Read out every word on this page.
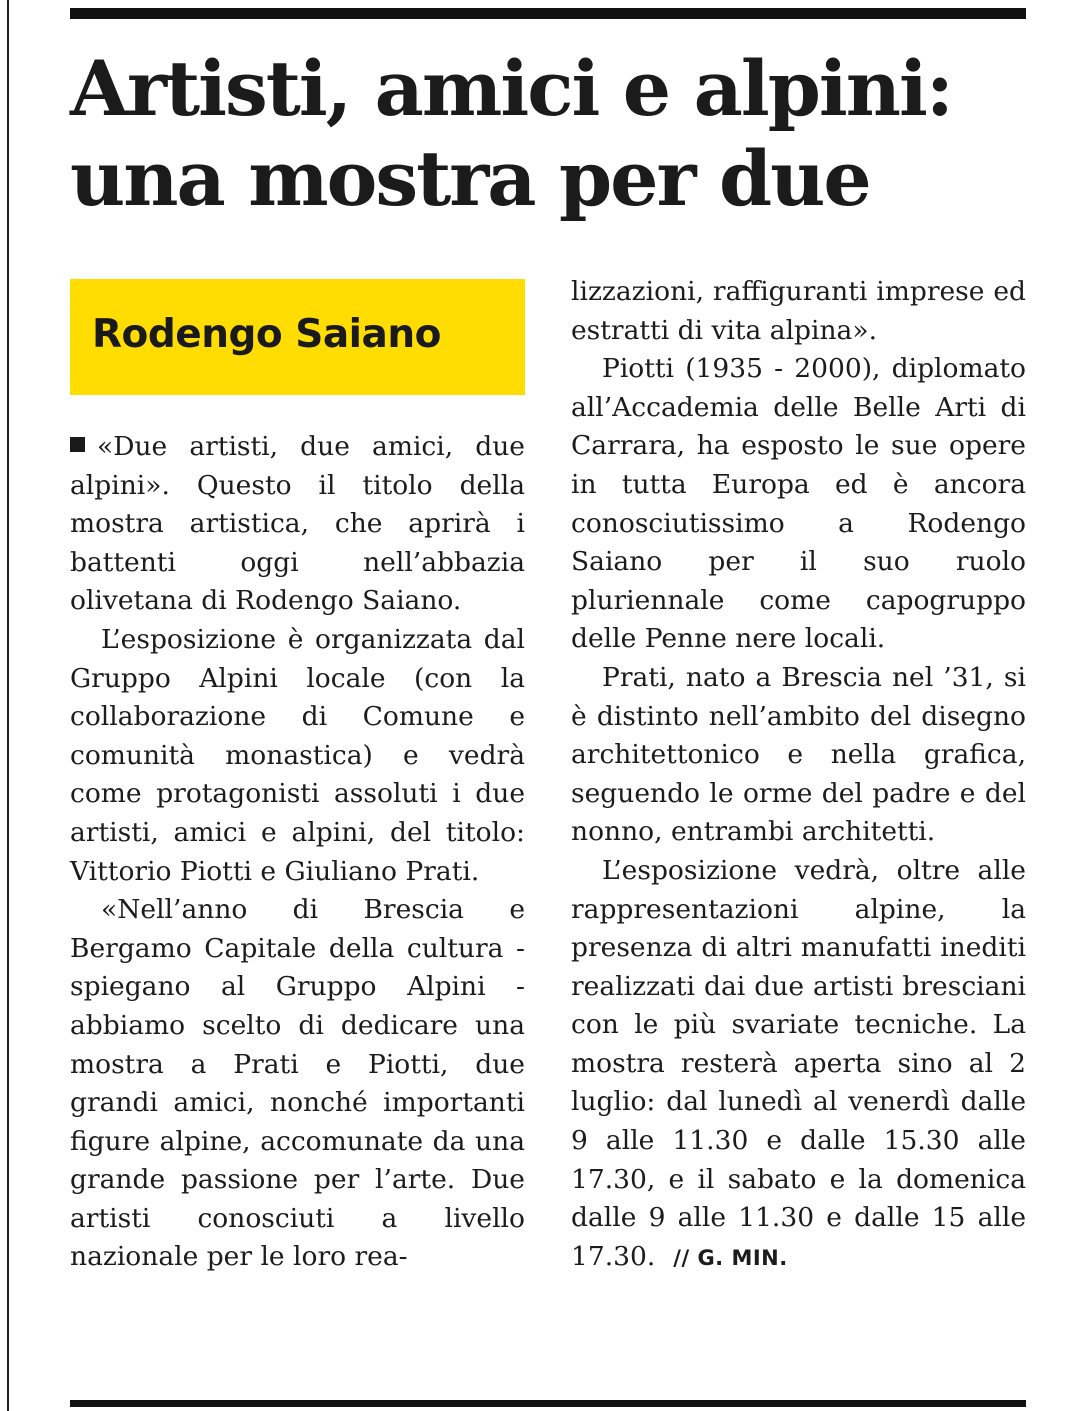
Artisti, amici e alpini: una mostra per due
Rodengo Saiano

«Due artisti, due amici, due alpini». Questo il titolo della mostra artistica, che aprirà i battenti oggi nell’abbazia olivetana di Rodengo Saiano.

L’esposizione è organizzata dal Gruppo Alpini locale (con la collaborazione di Comune e comunità monastica) e vedrà come protagonisti assoluti i due artisti, amici e alpini, del titolo: Vittorio Piotti e Giuliano Prati.

«Nell’anno di Brescia e Bergamo Capitale della cultura - spiegano al Gruppo Alpini - abbiamo scelto di dedicare una mostra a Prati e Piotti, due grandi amici, nonché importanti figure alpine, accomunate da una grande passione per l’arte. Due artisti conosciuti a livello nazionale per le loro rea-

lizzazioni, raffiguranti imprese ed estratti di vita alpina».

Piotti (1935 - 2000), diplomato all’Accademia delle Belle Arti di Carrara, ha esposto le sue opere in tutta Europa ed è ancora conosciutissimo a Rodengo Saiano per il suo ruolo pluriennale come capogruppo delle Penne nere locali.

Prati, nato a Brescia nel ’31, si è distinto nell’ambito del disegno architettonico e nella grafica, seguendo le orme del padre e del nonno, entrambi architetti.

L’esposizione vedrà, oltre alle rappresentazioni alpine, la presenza di altri manufatti inediti realizzati dai due artisti bresciani con le più svariate tecniche. La mostra resterà aperta sino al 2 luglio: dal lunedì al venerdì dalle 9 alle 11.30 e dalle 15.30 alle 17.30, e il sabato e la domenica dalle 9 alle 11.30 e dalle 15 alle 17.30. // G. MIN.
